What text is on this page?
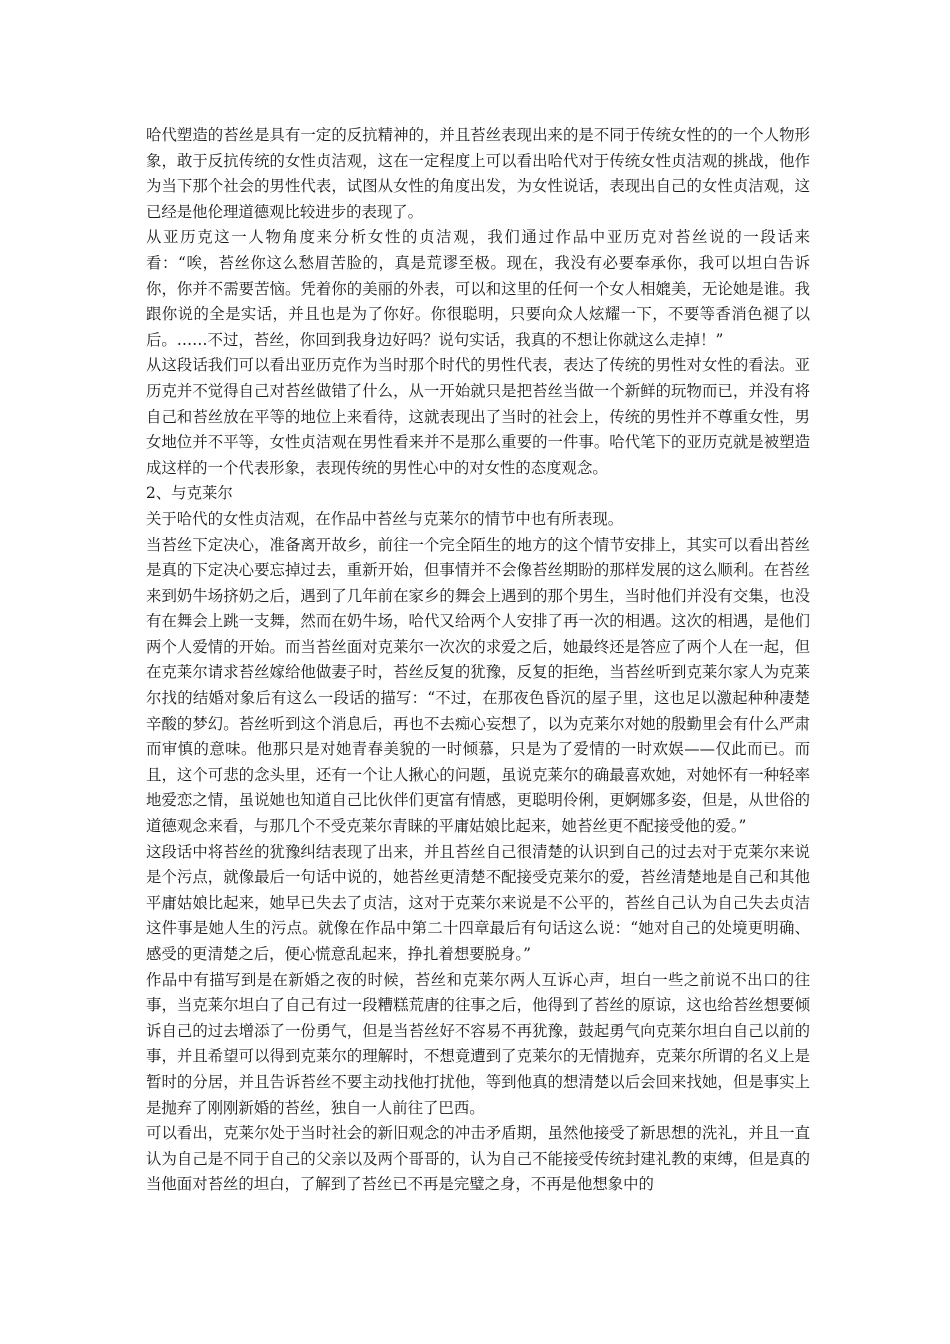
哈代塑造的苔丝是具有一定的反抗精神的，并且苔丝表现出来的是不同于传统女性的的一个人物形象，敢于反抗传统的女性贞洁观，这在一定程度上可以看出哈代对于传统女性贞洁观的挑战，他作为当下那个社会的男性代表，试图从女性的角度出发，为女性说话，表现出自己的女性贞洁观，这已经是他伦理道德观比较进步的表现了。

从亚历克这一人物角度来分析女性的贞洁观，我们通过作品中亚历克对苔丝说的一段话来看：“唉，苔丝你这么愁眉苦脸的，真是荒谬至极。现在，我没有必要奉承你，我可以坦白告诉你，你并不需要苦恼。凭着你的美丽的外表，可以和这里的任何一个女人相媲美，无论她是谁。我跟你说的全是实话，并且也是为了你好。你很聪明，只要向众人炫耀一下，不要等香消色褪了以后。……不过，苔丝，你回到我身边好吗？说句实话，我真的不想让你就这么走掉！”

从这段话我们可以看出亚历克作为当时那个时代的男性代表，表达了传统的男性对女性的看法。亚历克并不觉得自己对苔丝做错了什么，从一开始就只是把苔丝当做一个新鲜的玩物而已，并没有将自己和苔丝放在平等的地位上来看待，这就表现出了当时的社会上，传统的男性并不尊重女性，男女地位并不平等，女性贞洁观在男性看来并不是那么重要的一件事。哈代笔下的亚历克就是被塑造成这样的一个代表形象，表现传统的男性心中的对女性的态度观念。

2、与克莱尔

关于哈代的女性贞洁观，在作品中苔丝与克莱尔的情节中也有所表现。

当苔丝下定决心，准备离开故乡，前往一个完全陌生的地方的这个情节安排上，其实可以看出苔丝是真的下定决心要忘掉过去，重新开始，但事情并不会像苔丝期盼的那样发展的这么顺利。在苔丝来到奶牛场挤奶之后，遇到了几年前在家乡的舞会上遇到的那个男生，当时他们并没有交集，也没有在舞会上跳一支舞，然而在奶牛场，哈代又给两个人安排了再一次的相遇。这次的相遇，是他们两个人爱情的开始。而当苔丝面对克莱尔一次次的求爱之后，她最终还是答应了两个人在一起，但在克莱尔请求苔丝嫁给他做妻子时，苔丝反复的犹豫，反复的拒绝，当苔丝听到克莱尔家人为克莱尔找的结婚对象后有这么一段话的描写：“不过，在那夜色昏沉的屋子里，这也足以激起种种凄楚辛酸的梦幻。苔丝听到这个消息后，再也不去痴心妄想了，以为克莱尔对她的殷勤里会有什么严肃而审慎的意味。他那只是对她青春美貌的一时倾慕，只是为了爱情的一时欢娱——仅此而已。而且，这个可悲的念头里，还有一个让人揪心的问题，虽说克莱尔的确最喜欢她，对她怀有一种轻率地爱恋之情，虽说她也知道自己比伙伴们更富有情感，更聪明伶俐，更婀娜多姿，但是，从世俗的道德观念来看，与那几个不受克莱尔青睐的平庸姑娘比起来，她苔丝更不配接受他的爱。”

这段话中将苔丝的犹豫纠结表现了出来，并且苔丝自己很清楚的认识到自己的过去对于克莱尔来说是个污点，就像最后一句话中说的，她苔丝更清楚不配接受克莱尔的爱，苔丝清楚地是自己和其他平庸姑娘比起来，她早已失去了贞洁，这对于克莱尔来说是不公平的，苔丝自己认为自己失去贞洁这件事是她人生的污点。就像在作品中第二十四章最后有句话这么说：“她对自己的处境更明确、感受的更清楚之后，便心慌意乱起来，挣扎着想要脱身。”

作品中有描写到是在新婚之夜的时候，苔丝和克莱尔两人互诉心声，坦白一些之前说不出口的往事，当克莱尔坦白了自己有过一段糟糕荒唐的往事之后，他得到了苔丝的原谅，这也给苔丝想要倾诉自己的过去增添了一份勇气，但是当苔丝好不容易不再犹豫，鼓起勇气向克莱尔坦白自己以前的事，并且希望可以得到克莱尔的理解时，不想竟遭到了克莱尔的无情抛弃，克莱尔所谓的名义上是暂时的分居，并且告诉苔丝不要主动找他打扰他，等到他真的想清楚以后会回来找她，但是事实上是抛弃了刚刚新婚的苔丝，独自一人前往了巴西。

可以看出，克莱尔处于当时社会的新旧观念的冲击矛盾期，虽然他接受了新思想的洗礼，并且一直认为自己是不同于自己的父亲以及两个哥哥的，认为自己不能接受传统封建礼教的束缚，但是真的当他面对苔丝的坦白，了解到了苔丝已不再是完璧之身，不再是他想象中的
